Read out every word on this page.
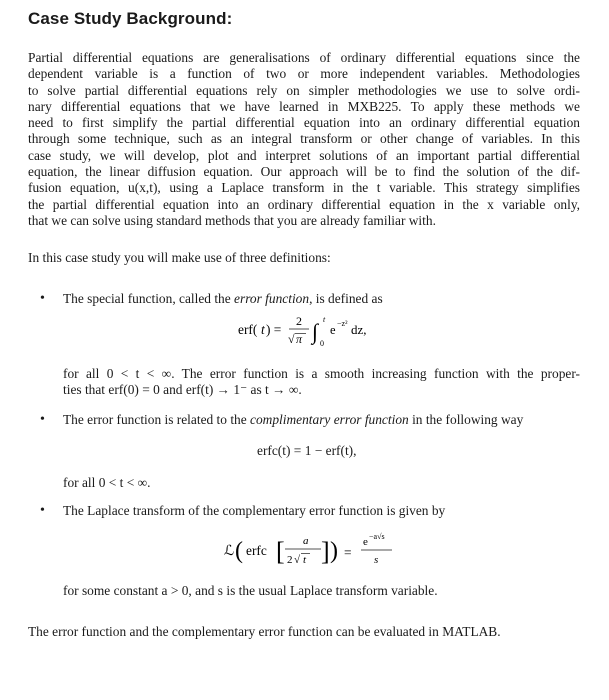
Case Study Background:
Partial differential equations are generalisations of ordinary differential equations since the
dependent variable is a function of two or more independent variables. Methodologies
to solve partial differential equations rely on simpler methodologies we use to solve ordi-
nary differential equations that we have learned in MXB225. To apply these methods we
need to first simplify the partial differential equation into an ordinary differential equation
through some technique, such as an integral transform or other change of variables. In this
case study, we will develop, plot and interpret solutions of an important partial differential
equation, the linear diffusion equation. Our approach will be to find the solution of the dif-
fusion equation, u(x,t), using a Laplace transform in the t variable. This strategy simplifies
the partial differential equation into an ordinary differential equation in the x variable only,
that we can solve using standard methods that you are already familiar with.
In this case study you will make use of three definitions:
• The special function, called the error function, is defined as
erf( t ) =
2
√ π ∫ t
0
e −z² dz,
for all 0 < t < ∞. The error function is a smooth increasing function with the proper-
ties that erf(0) = 0 and erf(t) → 1⁻ as t → ∞.
• The error function is related to the complimentary error function in the following way
erfc(t) = 1 − erf(t),
for all 0 < t < ∞.
• The Laplace transform of the complementary error function is given by
ℒ ( erfc [ a
2 √ t ] ) =
e −a√s
s
for some constant a > 0, and s is the usual Laplace transform variable.
The error function and the complementary error function can be evaluated in MATLAB.
